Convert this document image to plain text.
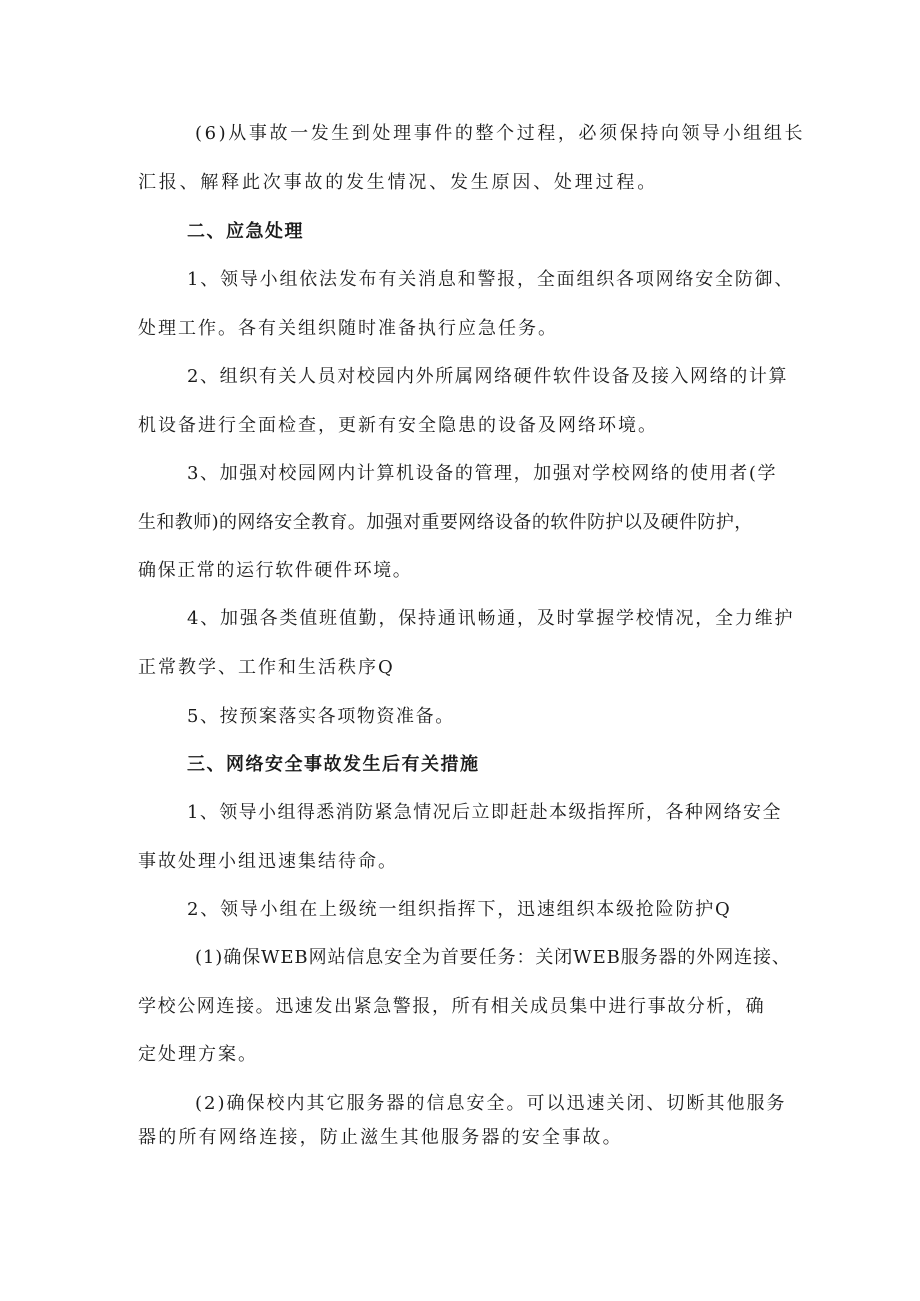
(6)从事故一发生到处理事件的整个过程，必须保持向领导小组组长
汇报、解释此次事故的发生情况、发生原因、处理过程。
二、应急处理
1、领导小组依法发布有关消息和警报，全面组织各项网络安全防御、
处理工作。各有关组织随时准备执行应急任务。
2、组织有关人员对校园内外所属网络硬件软件设备及接入网络的计算
机设备进行全面检查，更新有安全隐患的设备及网络环境。
3、加强对校园网内计算机设备的管理，加强对学校网络的使用者(学
生和教师)的网络安全教育。加强对重要网络设备的软件防护以及硬件防护，
确保正常的运行软件硬件环境。
4、加强各类值班值勤，保持通讯畅通，及时掌握学校情况，全力维护
正常教学、工作和生活秩序Q
5、按预案落实各项物资准备。
三、网络安全事故发生后有关措施
1、领导小组得悉消防紧急情况后立即赶赴本级指挥所，各种网络安全
事故处理小组迅速集结待命。
2、领导小组在上级统一组织指挥下，迅速组织本级抢险防护Q
(1)确保WEB网站信息安全为首要任务：关闭WEB服务器的外网连接、
学校公网连接。迅速发出紧急警报，所有相关成员集中进行事故分析，确
定处理方案。
(2)确保校内其它服务器的信息安全。可以迅速关闭、切断其他服务
器的所有网络连接，防止滋生其他服务器的安全事故。
